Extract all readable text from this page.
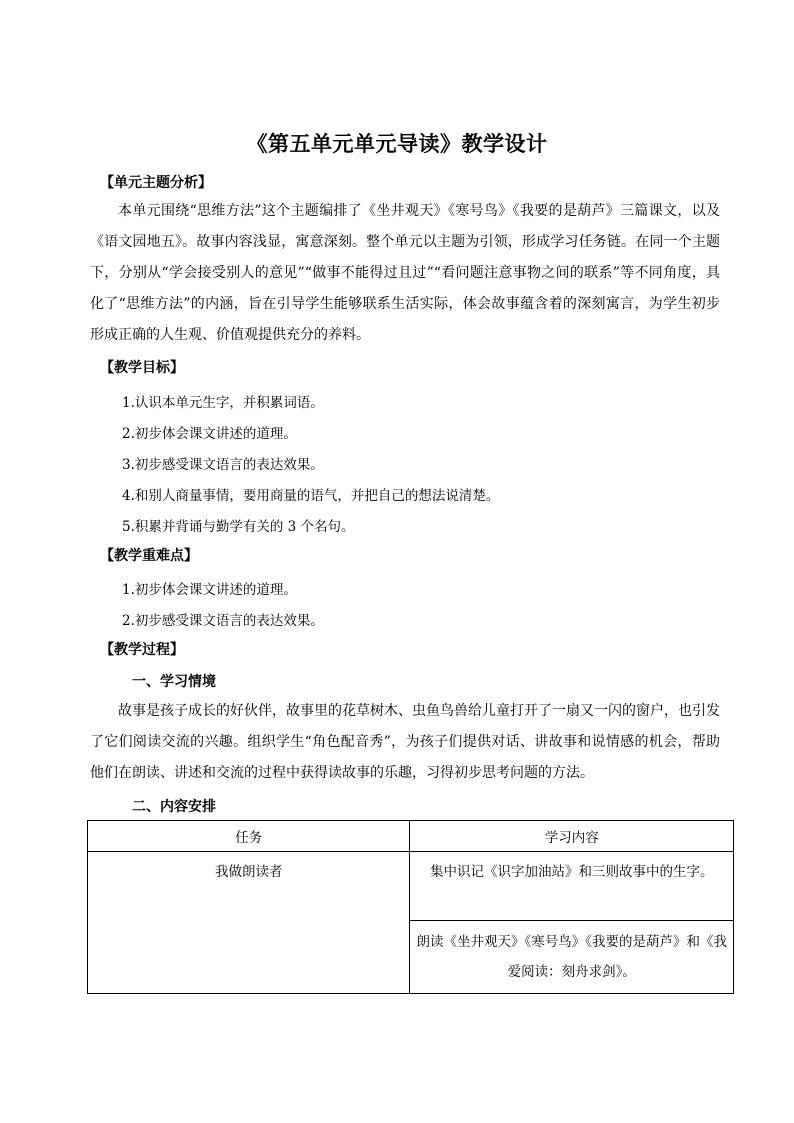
《第五单元单元导读》教学设计
【单元主题分析】
本单元围绕“思维方法”这个主题编排了《坐井观天》《寒号鸟》《我要的是葫芦》三篇课文，以及《语文园地五》。故事内容浅显，寓意深刻。整个单元以主题为引领，形成学习任务链。在同一个主题下，分别从“学会接受别人的意见”“做事不能得过且过”“看问题注意事物之间的联系”等不同角度，具化了“思维方法”的内涵，旨在引导学生能够联系生活实际，体会故事蕴含着的深刻寓言，为学生初步形成正确的人生观、价值观提供充分的养料。
【教学目标】
1.认识本单元生字，并积累词语。
2.初步体会课文讲述的道理。
3.初步感受课文语言的表达效果。
4.和别人商量事情，要用商量的语气，并把自己的想法说清楚。
5.积累并背诵与勤学有关的 3 个名句。
【教学重难点】
1.初步体会课文讲述的道理。
2.初步感受课文语言的表达效果。
【教学过程】
一、学习情境
故事是孩子成长的好伙伴，故事里的花草树木、虫鱼鸟兽给儿童打开了一扇又一闪的窗户，也引发了它们阅读交流的兴趣。组织学生“角色配音秀”，为孩子们提供对话、讲故事和说情感的机会，帮助他们在朗读、讲述和交流的过程中获得读故事的乐趣，习得初步思考问题的方法。
二、内容安排
任务	学习内容
我做朗读者	集中识记《识字加油站》和三则故事中的生字。
	朗读《坐井观天》《寒号鸟》《我要的是葫芦》和《我爱阅读：刻舟求剑》。
